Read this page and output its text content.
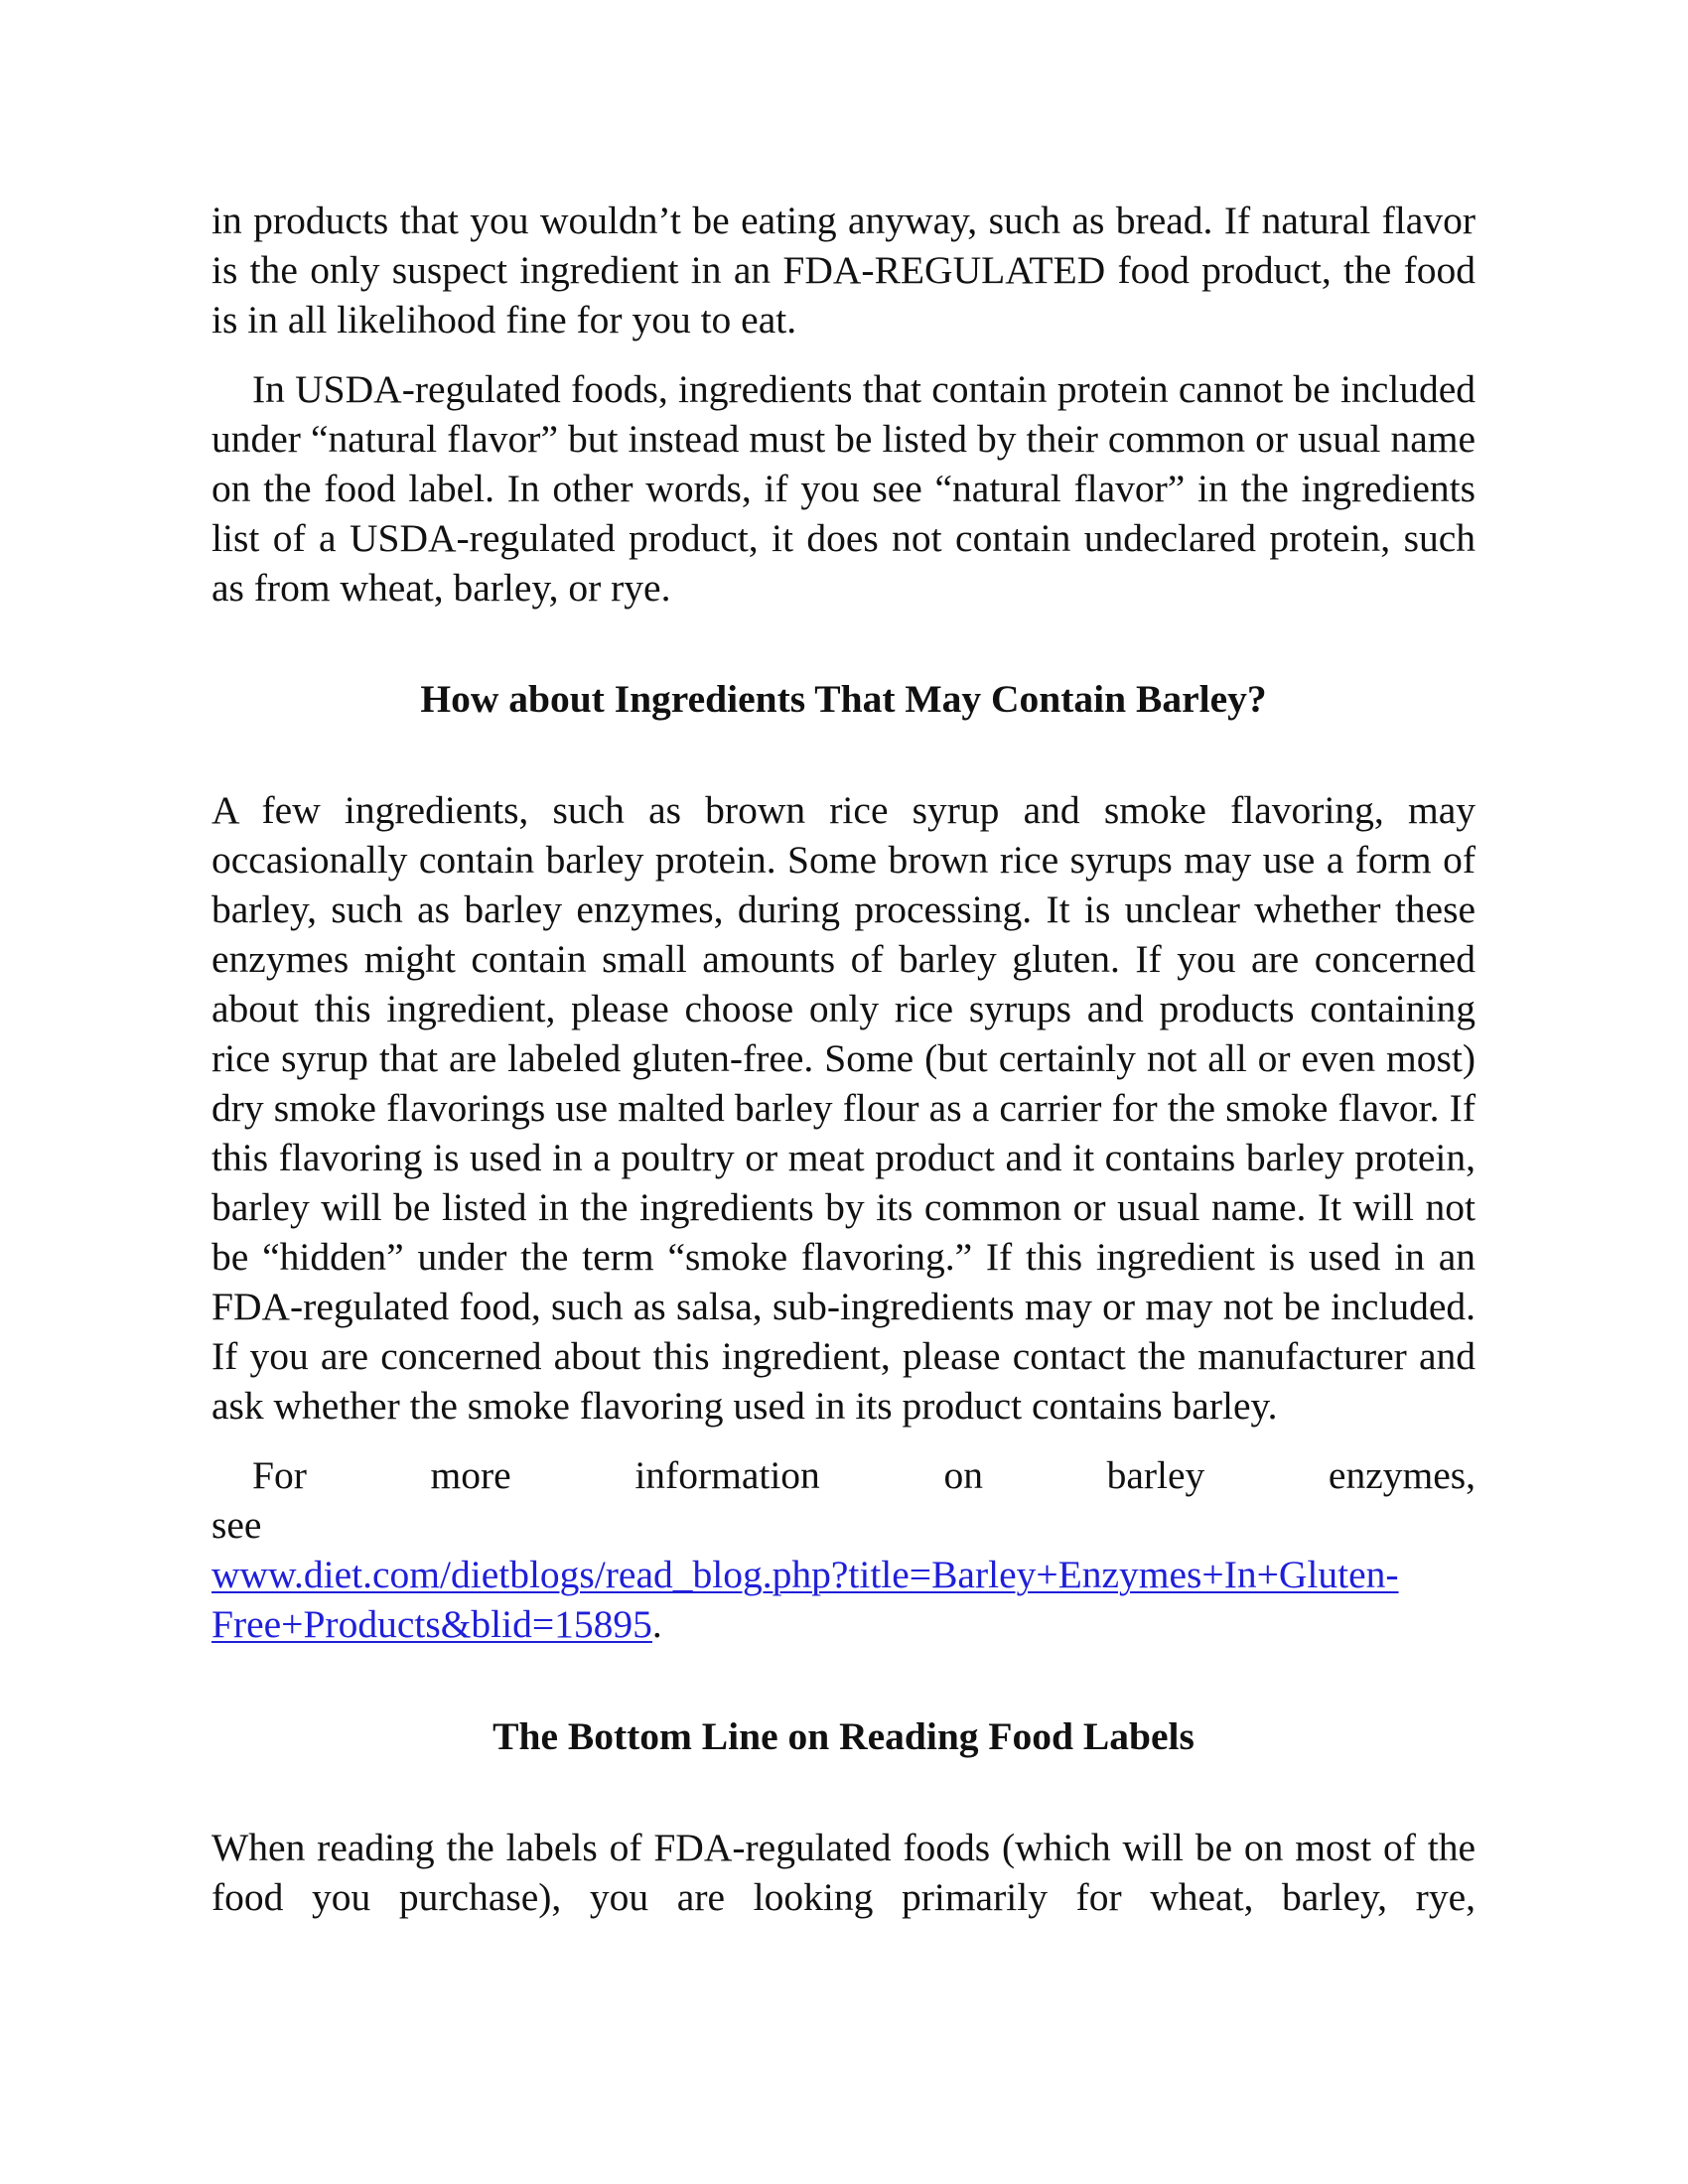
in products that you wouldn’t be eating anyway, such as bread. If natural flavor is the only suspect ingredient in an FDA-REGULATED food product, the food is in all likelihood fine for you to eat.

In USDA-regulated foods, ingredients that contain protein cannot be included under “natural flavor” but instead must be listed by their common or usual name on the food label. In other words, if you see “natural flavor” in the ingredients list of a USDA-regulated product, it does not contain undeclared protein, such as from wheat, barley, or rye.

How about Ingredients That May Contain Barley?

A few ingredients, such as brown rice syrup and smoke flavoring, may occasionally contain barley protein. Some brown rice syrups may use a form of barley, such as barley enzymes, during processing. It is unclear whether these enzymes might contain small amounts of barley gluten. If you are concerned about this ingredient, please choose only rice syrups and products containing rice syrup that are labeled gluten-free. Some (but certainly not all or even most) dry smoke flavorings use malted barley flour as a carrier for the smoke flavor. If this flavoring is used in a poultry or meat product and it contains barley protein, barley will be listed in the ingredients by its common or usual name. It will not be “hidden” under the term “smoke flavoring.” If this ingredient is used in an FDA-regulated food, such as salsa, sub-ingredients may or may not be included. If you are concerned about this ingredient, please contact the manufacturer and ask whether the smoke flavoring used in its product contains barley.

For more information on barley enzymes, see
www.diet.com/dietblogs/read_blog.php?title=Barley+Enzymes+In+Gluten-Free+Products&blid=15895.

The Bottom Line on Reading Food Labels

When reading the labels of FDA-regulated foods (which will be on most of the food you purchase), you are looking primarily for wheat, barley, rye,
